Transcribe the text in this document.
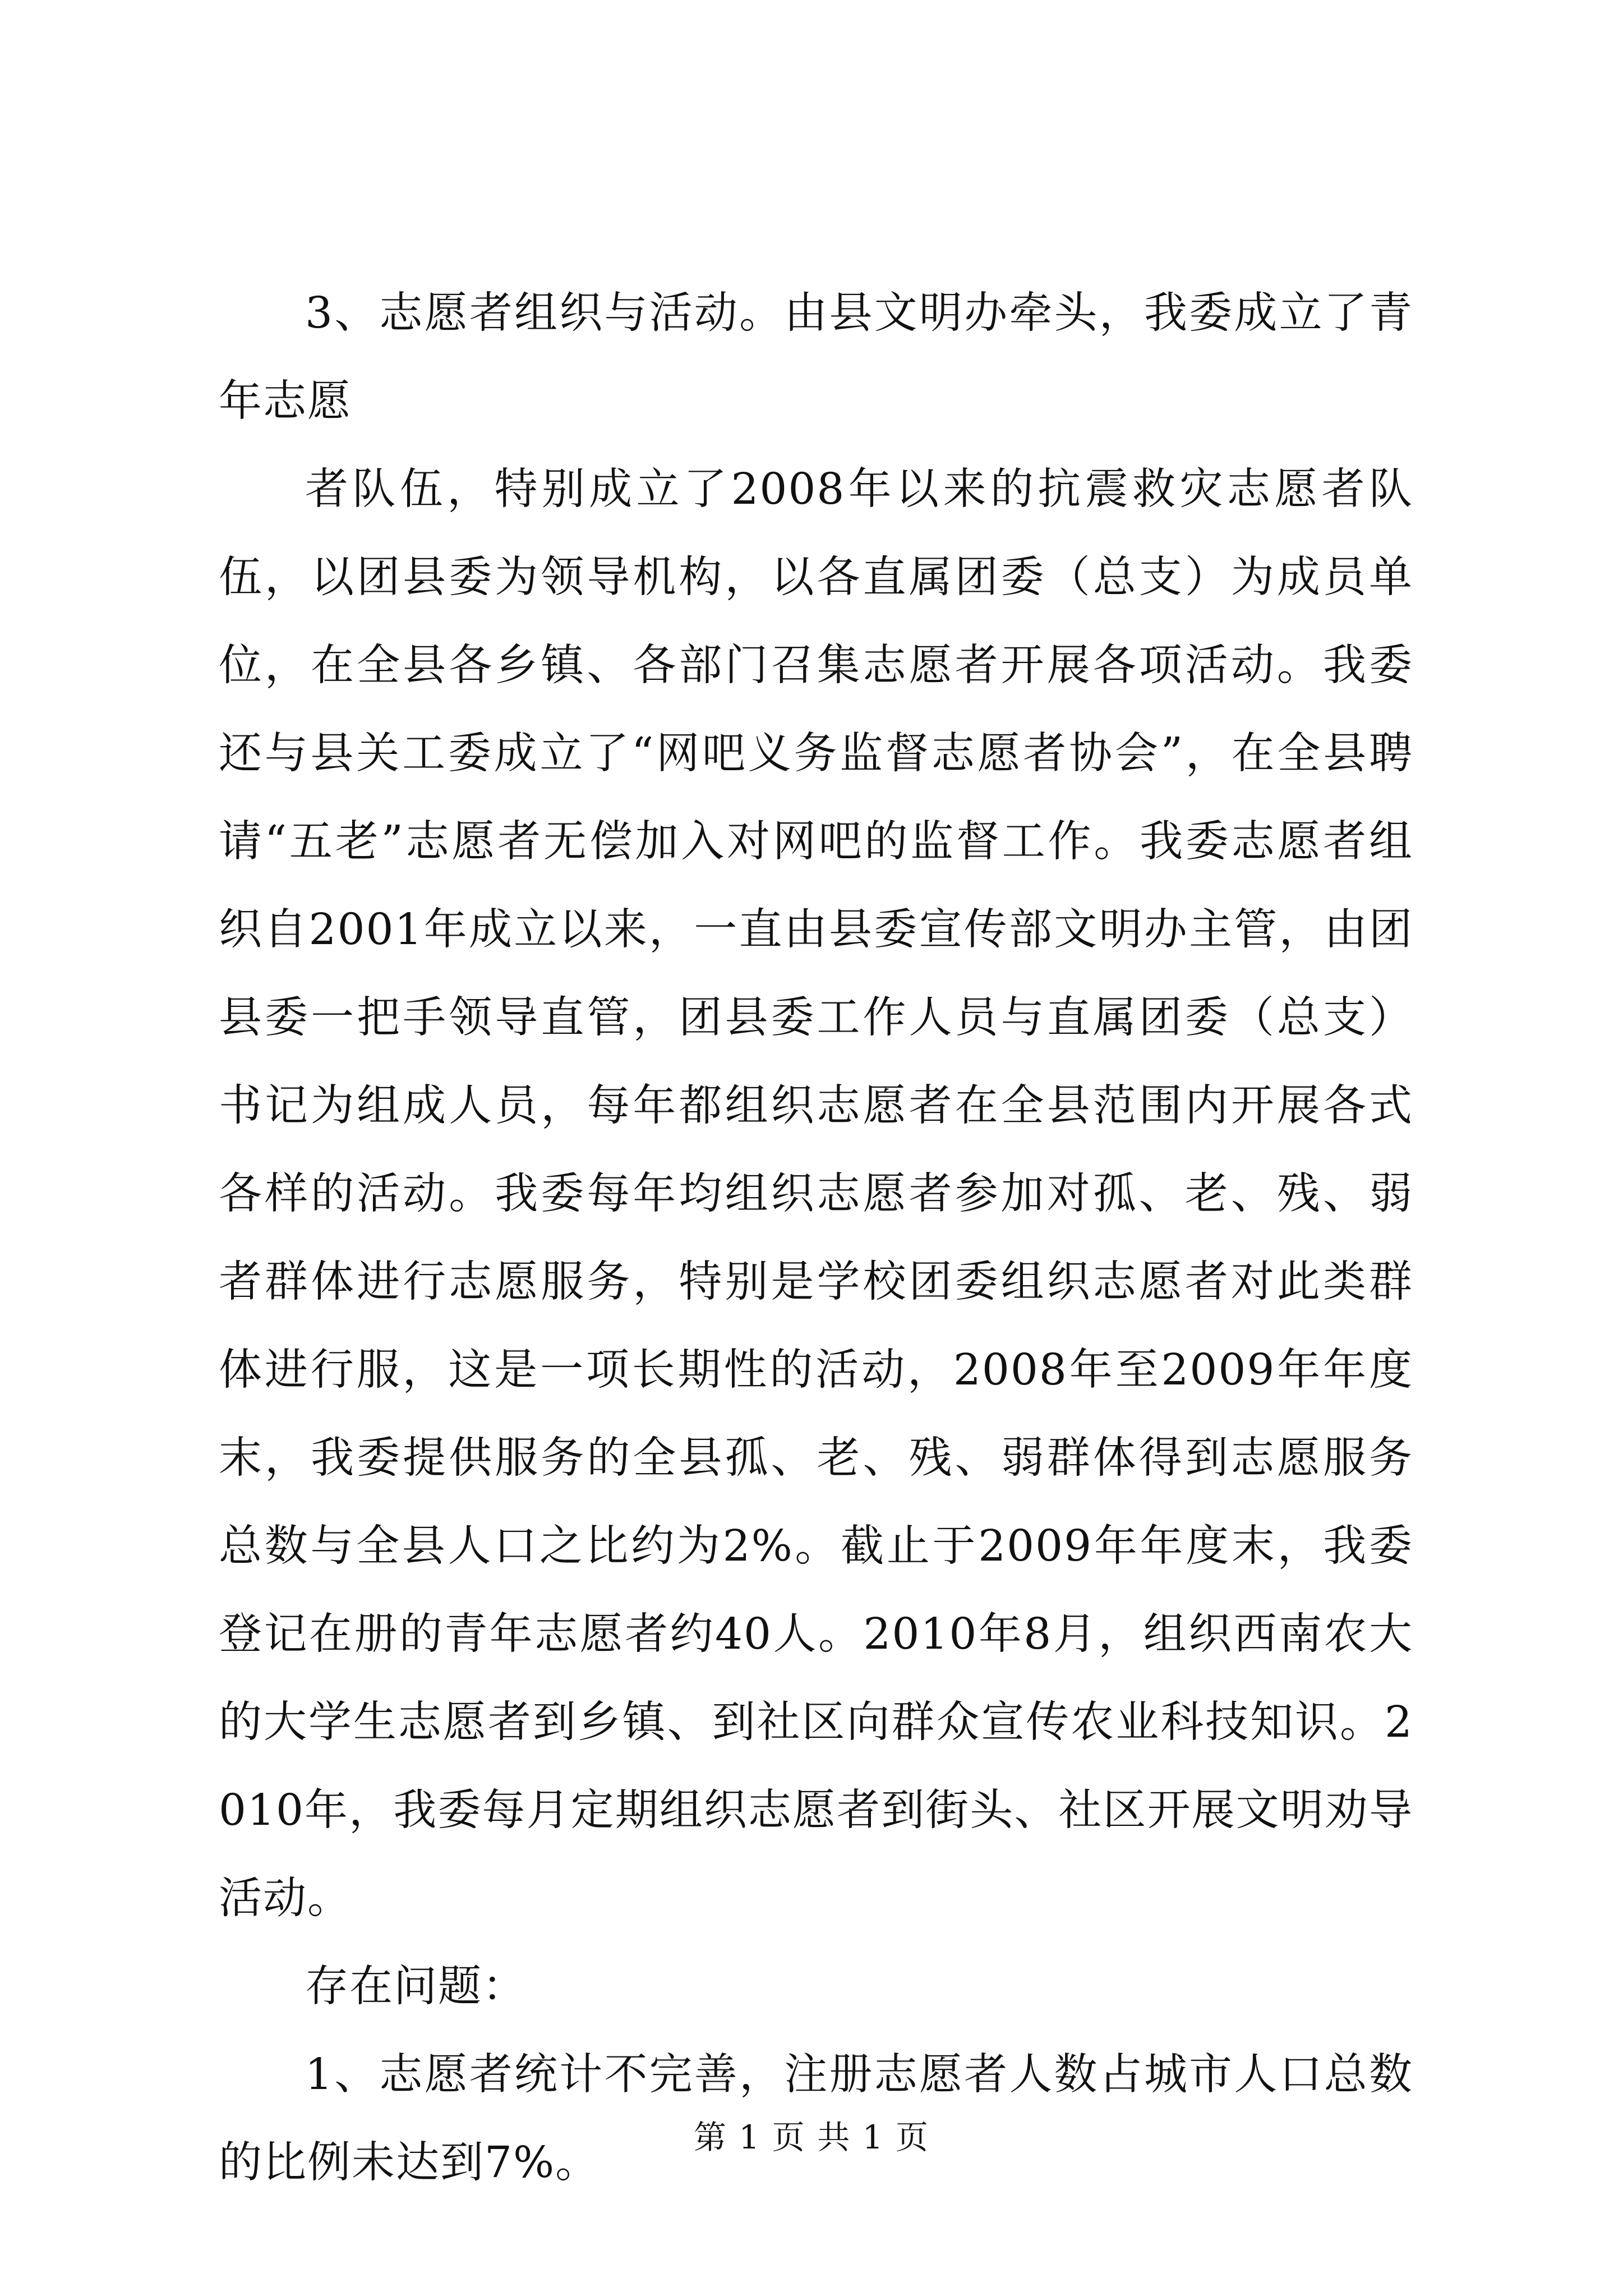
3、志愿者组织与活动。由县文明办牵头，我委成立了青年志愿

者队伍，特别成立了2008年以来的抗震救灾志愿者队伍，以团县委为领导机构，以各直属团委（总支）为成员单位，在全县各乡镇、各部门召集志愿者开展各项活动。我委还与县关工委成立了“网吧义务监督志愿者协会”，在全县聘请“五老”志愿者无偿加入对网吧的监督工作。我委志愿者组织自2001年成立以来，一直由县委宣传部文明办主管，由团县委一把手领导直管，团县委工作人员与直属团委（总支）书记为组成人员，每年都组织志愿者在全县范围内开展各式各样的活动。我委每年均组织志愿者参加对孤、老、残、弱者群体进行志愿服务，特别是学校团委组织志愿者对此类群体进行服，这是一项长期性的活动，2008年至2009年年度末，我委提供服务的全县孤、老、残、弱群体得到志愿服务总数与全县人口之比约为2%。截止于2009年年度末，我委登记在册的青年志愿者约40人。2010年8月，组织西南农大的大学生志愿者到乡镇、到社区向群众宣传农业科技知识。2010年，我委每月定期组织志愿者到街头、社区开展文明劝导活动。

存在问题：

1、志愿者统计不完善，注册志愿者人数占城市人口总数的比例未达到7%。

第 1 页 共 1 页
